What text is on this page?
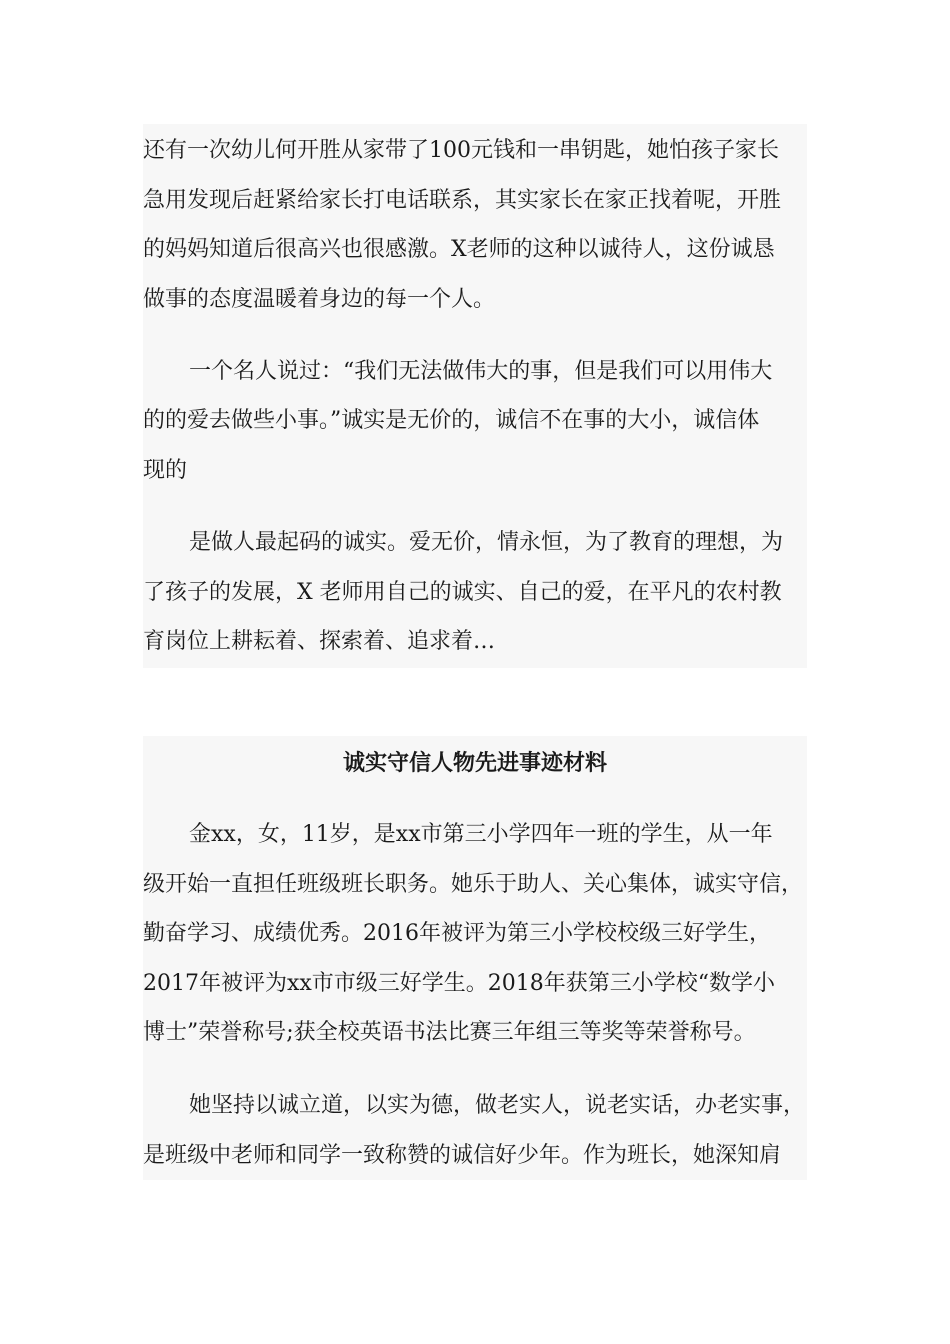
还有一次幼儿何开胜从家带了100元钱和一串钥匙，她怕孩子家长
急用发现后赶紧给家长打电话联系，其实家长在家正找着呢，开胜
的妈妈知道后很高兴也很感激。X老师的这种以诚待人，这份诚恳
做事的态度温暖着身边的每一个人。
一个名人说过：“我们无法做伟大的事，但是我们可以用伟大
的的爱去做些小事。”诚实是无价的，诚信不在事的大小，诚信体
现的
是做人最起码的诚实。爱无价，情永恒，为了教育的理想，为
了孩子的发展，X 老师用自己的诚实、自己的爱，在平凡的农村教
育岗位上耕耘着、探索着、追求着…
诚实守信人物先进事迹材料
金xx，女，11岁，是xx市第三小学四年一班的学生，从一年
级开始一直担任班级班长职务。她乐于助人、关心集体，诚实守信，
勤奋学习、成绩优秀。2016年被评为第三小学校校级三好学生，
2017年被评为xx市市级三好学生。2018年获第三小学校“数学小
博士”荣誉称号;获全校英语书法比赛三年组三等奖等荣誉称号。
她坚持以诚立道，以实为德，做老实人，说老实话，办老实事，
是班级中老师和同学一致称赞的诚信好少年。作为班长，她深知肩
